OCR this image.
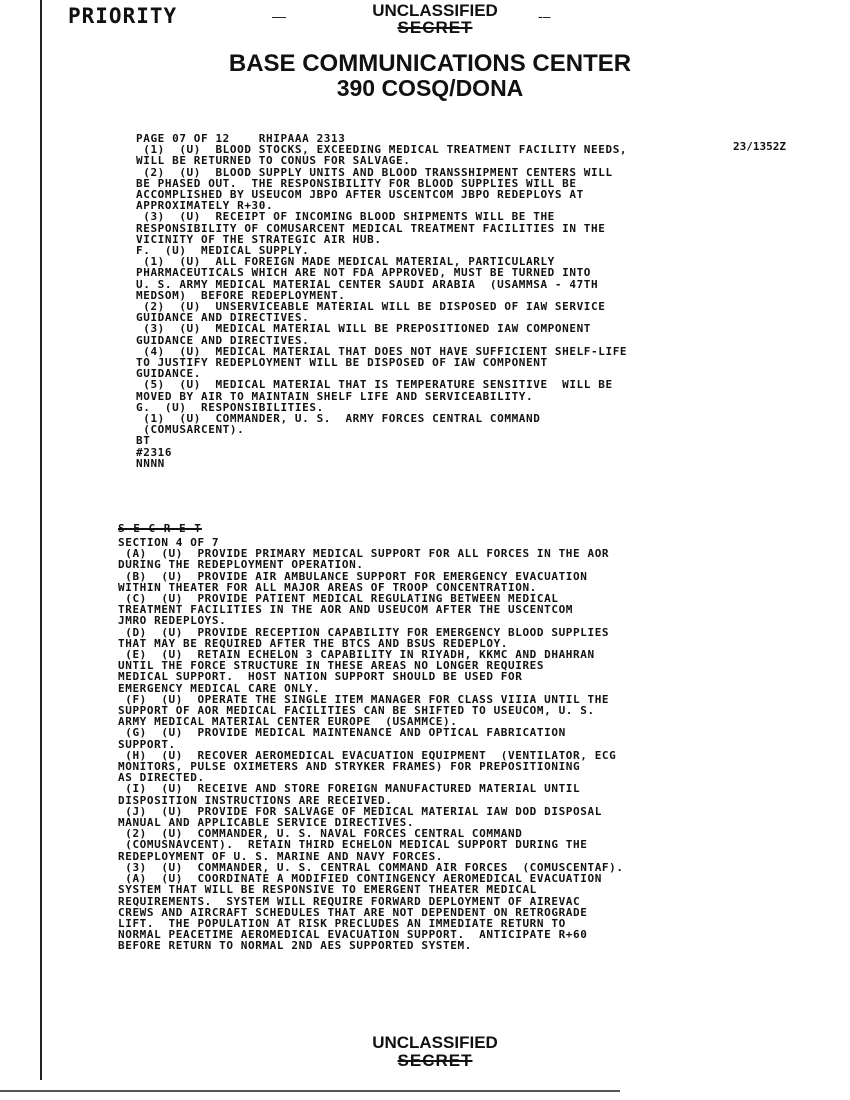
PRIORITY	—	-–
UNCLASSIFIED
SECRET
BASE COMMUNICATIONS CENTER
390 COSQ/DONA
23/1352Z
PAGE 07 OF 12    RHIPAAA 2313
(1)  (U)  BLOOD STOCKS, EXCEEDING MEDICAL TREATMENT FACILITY NEEDS,
WILL BE RETURNED TO CONUS FOR SALVAGE.
(2)  (U)  BLOOD SUPPLY UNITS AND BLOOD TRANSSHIPMENT CENTERS WILL
BE PHASED OUT.  THE RESPONSIBILITY FOR BLOOD SUPPLIES WILL BE
ACCOMPLISHED BY USEUCOM JBPO AFTER USCENTCOM JBPO REDEPLOYS AT
APPROXIMATELY R+30.
(3)  (U)  RECEIPT OF INCOMING BLOOD SHIPMENTS WILL BE THE
RESPONSIBILITY OF COMUSARCENT MEDICAL TREATMENT FACILITIES IN THE
VICINITY OF THE STRATEGIC AIR HUB.
F.  (U)  MEDICAL SUPPLY.
(1)  (U)  ALL FOREIGN MADE MEDICAL MATERIAL, PARTICULARLY
PHARMACEUTICALS WHICH ARE NOT FDA APPROVED, MUST BE TURNED INTO
U. S. ARMY MEDICAL MATERIAL CENTER SAUDI ARABIA  (USAMMSA - 47TH
MEDSOM)  BEFORE REDEPLOYMENT.
(2)  (U)  UNSERVICEABLE MATERIAL WILL BE DISPOSED OF IAW SERVICE
GUIDANCE AND DIRECTIVES.
(3)  (U)  MEDICAL MATERIAL WILL BE PREPOSITIONED IAW COMPONENT
GUIDANCE AND DIRECTIVES.
(4)  (U)  MEDICAL MATERIAL THAT DOES NOT HAVE SUFFICIENT SHELF-LIFE
TO JUSTIFY REDEPLOYMENT WILL BE DISPOSED OF IAW COMPONENT
GUIDANCE.
(5)  (U)  MEDICAL MATERIAL THAT IS TEMPERATURE SENSITIVE  WILL BE
MOVED BY AIR TO MAINTAIN SHELF LIFE AND SERVICEABILITY.
G.  (U)  RESPONSIBILITIES.
(1)  (U)  COMMANDER, U. S.  ARMY FORCES CENTRAL COMMAND
(COMUSARCENT).
BT
#2316
NNNN
S E C R E T
SECTION 4 OF 7
(A)  (U)  PROVIDE PRIMARY MEDICAL SUPPORT FOR ALL FORCES IN THE AOR
DURING THE REDEPLOYMENT OPERATION.
(B)  (U)  PROVIDE AIR AMBULANCE SUPPORT FOR EMERGENCY EVACUATION
WITHIN THEATER FOR ALL MAJOR AREAS OF TROOP CONCENTRATION.
(C)  (U)  PROVIDE PATIENT MEDICAL REGULATING BETWEEN MEDICAL
TREATMENT FACILITIES IN THE AOR AND USEUCOM AFTER THE USCENTCOM
JMRO REDEPLOYS.
(D)  (U)  PROVIDE RECEPTION CAPABILITY FOR EMERGENCY BLOOD SUPPLIES
THAT MAY BE REQUIRED AFTER THE BTCS AND BSUS REDEPLOY.
(E)  (U)  RETAIN ECHELON 3 CAPABILITY IN RIYADH, KKMC AND DHAHRAN
UNTIL THE FORCE STRUCTURE IN THESE AREAS NO LONGER REQUIRES
MEDICAL SUPPORT.  HOST NATION SUPPORT SHOULD BE USED FOR
EMERGENCY MEDICAL CARE ONLY.
(F)  (U)  OPERATE THE SINGLE ITEM MANAGER FOR CLASS VIIIA UNTIL THE
SUPPORT OF AOR MEDICAL FACILITIES CAN BE SHIFTED TO USEUCOM, U. S.
ARMY MEDICAL MATERIAL CENTER EUROPE  (USAMMCE).
(G)  (U)  PROVIDE MEDICAL MAINTENANCE AND OPTICAL FABRICATION
SUPPORT.
(H)  (U)  RECOVER AEROMEDICAL EVACUATION EQUIPMENT  (VENTILATOR, ECG
MONITORS, PULSE OXIMETERS AND STRYKER FRAMES) FOR PREPOSITIONING
AS DIRECTED.
(I)  (U)  RECEIVE AND STORE FOREIGN MANUFACTURED MATERIAL UNTIL
DISPOSITION INSTRUCTIONS ARE RECEIVED.
(J)  (U)  PROVIDE FOR SALVAGE OF MEDICAL MATERIAL IAW DOD DISPOSAL
MANUAL AND APPLICABLE SERVICE DIRECTIVES.
(2)  (U)  COMMANDER, U. S. NAVAL FORCES CENTRAL COMMAND
(COMUSNAVCENT).  RETAIN THIRD ECHELON MEDICAL SUPPORT DURING THE
REDEPLOYMENT OF U. S. MARINE AND NAVY FORCES.
(3)  (U)  COMMANDER, U. S. CENTRAL COMMAND AIR FORCES  (COMUSCENTAF).
(A)  (U)  COORDINATE A MODIFIED CONTINGENCY AEROMEDICAL EVACUATION
SYSTEM THAT WILL BE RESPONSIVE TO EMERGENT THEATER MEDICAL
REQUIREMENTS.  SYSTEM WILL REQUIRE FORWARD DEPLOYMENT OF AIREVAC
CREWS AND AIRCRAFT SCHEDULES THAT ARE NOT DEPENDENT ON RETROGRADE
LIFT.  THE POPULATION AT RISK PRECLUDES AN IMMEDIATE RETURN TO
NORMAL PEACETIME AEROMEDICAL EVACUATION SUPPORT.  ANTICIPATE R+60
BEFORE RETURN TO NORMAL 2ND AES SUPPORTED SYSTEM.
UNCLASSIFIED
SECRET
